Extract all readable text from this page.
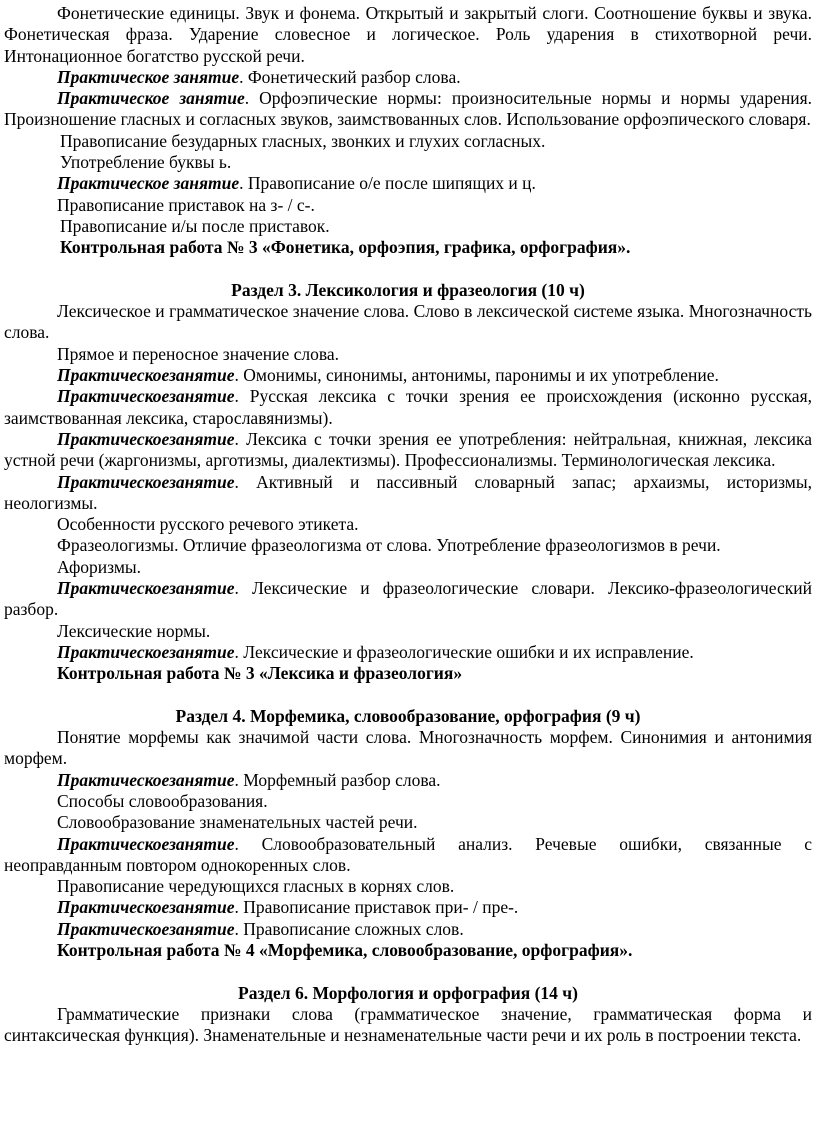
Фонетические единицы. Звук и фонема. Открытый и закрытый слоги. Соотношение буквы и звука. Фонетическая фраза. Ударение словесное и логическое. Роль ударения в стихотворной речи. Интонационное богатство русской речи.

Практическое занятие. Фонетический разбор слова.

Практическое занятие. Орфоэпические нормы: произносительные нормы и нормы ударения. Произношение гласных и согласных звуков, заимствованных слов. Использование орфоэпического словаря.

Правописание безударных гласных, звонких и глухих согласных.

Употребление буквы ь.

Практическое занятие. Правописание о/е после шипящих и ц.

Правописание приставок на з- / с-.

Правописание и/ы после приставок.

Контрольная работа № 3 «Фонетика, орфоэпия, графика, орфография».

Раздел 3. Лексикология и фразеология (10 ч)

Лексическое и грамматическое значение слова. Слово в лексической системе языка. Многозначность слова.

Прямое и переносное значение слова.

Практическоезанятие. Омонимы, синонимы, антонимы, паронимы и их употребление.

Практическоезанятие. Русская лексика с точки зрения ее происхождения (исконно русская, заимствованная лексика, старославянизмы).

Практическоезанятие. Лексика с точки зрения ее употребления: нейтральная, книжная, лексика устной речи (жаргонизмы, арготизмы, диалектизмы). Профессионализмы. Терминологическая лексика.

Практическоезанятие. Активный и пассивный словарный запас; архаизмы, историзмы, неологизмы.

Особенности русского речевого этикета.

Фразеологизмы. Отличие фразеологизма от слова. Употребление фразеологизмов в речи.

Афоризмы.

Практическоезанятие. Лексические и фразеологические словари. Лексико-фразеологический разбор.

Лексические нормы.

Практическоезанятие. Лексические и фразеологические ошибки и их исправление.

Контрольная работа № 3 «Лексика и фразеология»

Раздел 4. Морфемика, словообразование, орфография (9 ч)

Понятие морфемы как значимой части слова. Многозначность морфем. Синонимия и антонимия морфем.

Практическоезанятие. Морфемный разбор слова.

Способы словообразования.

Словообразование знаменательных частей речи.

Практическоезанятие. Словообразовательный анализ. Речевые ошибки, связанные с неоправданным повтором однокоренных слов.

Правописание чередующихся гласных в корнях слов.

Практическоезанятие. Правописание приставок при- / пре-.

Практическоезанятие. Правописание сложных слов.

Контрольная работа № 4 «Морфемика, словообразование, орфография».

Раздел 6. Морфология и орфография (14 ч)

Грамматические признаки слова (грамматическое значение, грамматическая форма и синтаксическая функция). Знаменательные и незнаменательные части речи и их роль в построении текста.
